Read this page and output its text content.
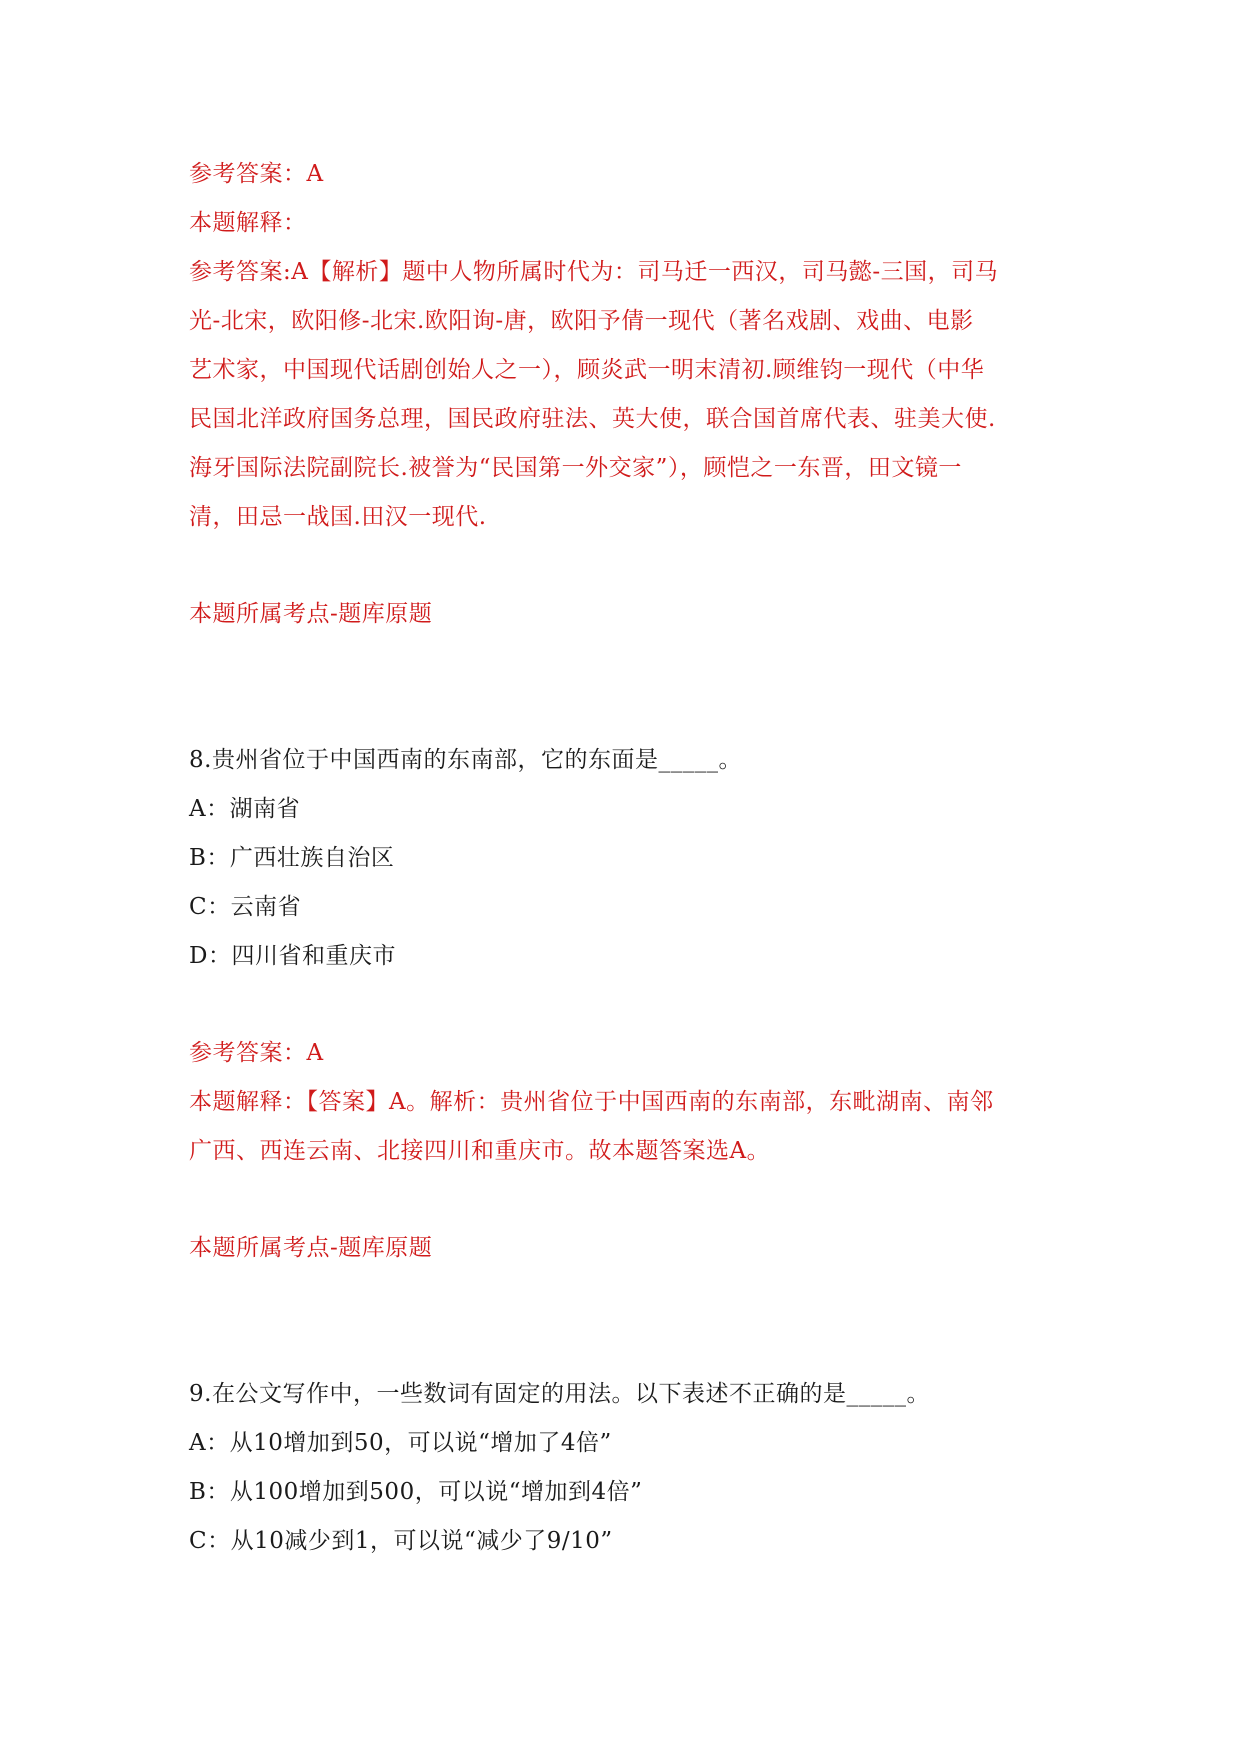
参考答案：A
本题解释：
参考答案:A【解析】题中人物所属时代为：司马迁一西汉，司马懿-三国，司马
光-北宋，欧阳修-北宋.欧阳询-唐，欧阳予倩一现代（著名戏剧、戏曲、电影
艺术家，中国现代话剧创始人之一），顾炎武一明末清初.顾维钧一现代（中华
民国北洋政府国务总理，国民政府驻法、英大使，联合国首席代表、驻美大使.
海牙国际法院副院长.被誉为“民国第一外交家”），顾恺之一东晋，田文镜一
清，田忌一战国.田汉一现代.
本题所属考点-题库原题
8.贵州省位于中国西南的东南部，它的东面是_____。
A：湖南省
B：广西壮族自治区
C：云南省
D：四川省和重庆市
参考答案：A
本题解释：【答案】A。解析：贵州省位于中国西南的东南部，东毗湖南、南邻
广西、西连云南、北接四川和重庆市。故本题答案选A。
本题所属考点-题库原题
9.在公文写作中，一些数词有固定的用法。以下表述不正确的是_____。
A：从10增加到50，可以说“增加了4倍”
B：从100增加到500，可以说“增加到4倍”
C：从10减少到1，可以说“减少了9/10”
